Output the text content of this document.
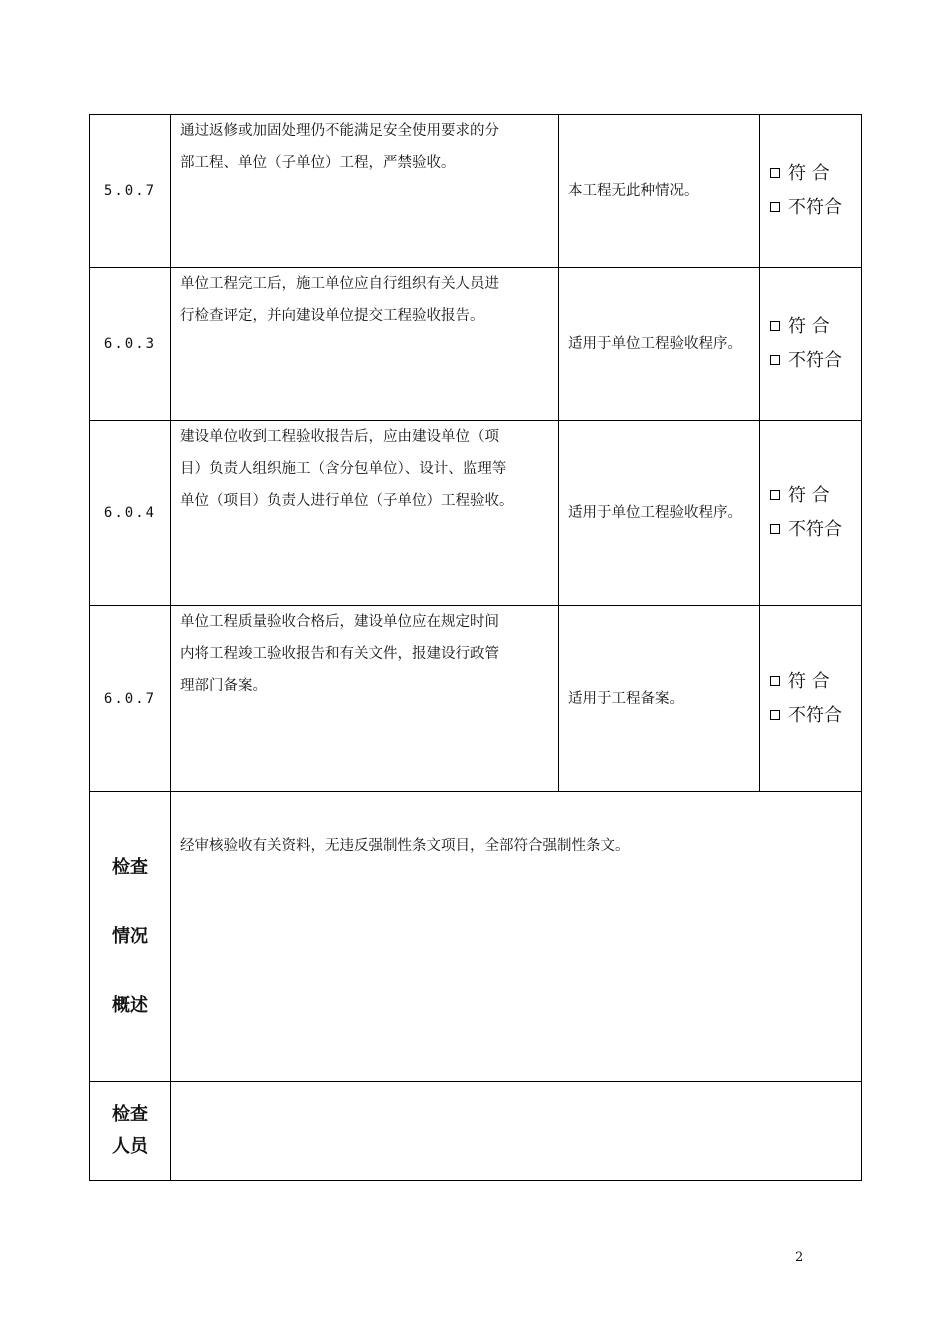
5.0.7	通过返修或加固处理仍不能满足安全使用要求的分
部工程、单位（子单位）工程，严禁验收。	本工程无此种情况。	符 合
不符合

6.0.3	单位工程完工后，施工单位应自行组织有关人员进
行检查评定，并向建设单位提交工程验收报告。	适用于单位工程验收程序。	符 合
不符合

6.0.4	建设单位收到工程验收报告后，应由建设单位（项
目）负责人组织施工（含分包单位）、设计、监理等
单位（项目）负责人进行单位（子单位）工程验收。	适用于单位工程验收程序。	符 合
不符合

6.0.7	单位工程质量验收合格后，建设单位应在规定时间
内将工程竣工验收报告和有关文件，报建设行政管
理部门备案。	适用于工程备案。	符 合
不符合

检查
情况
概述	经审核验收有关资料，无违反强制性条文项目，全部符合强制性条文。		

检查
人员			

2
